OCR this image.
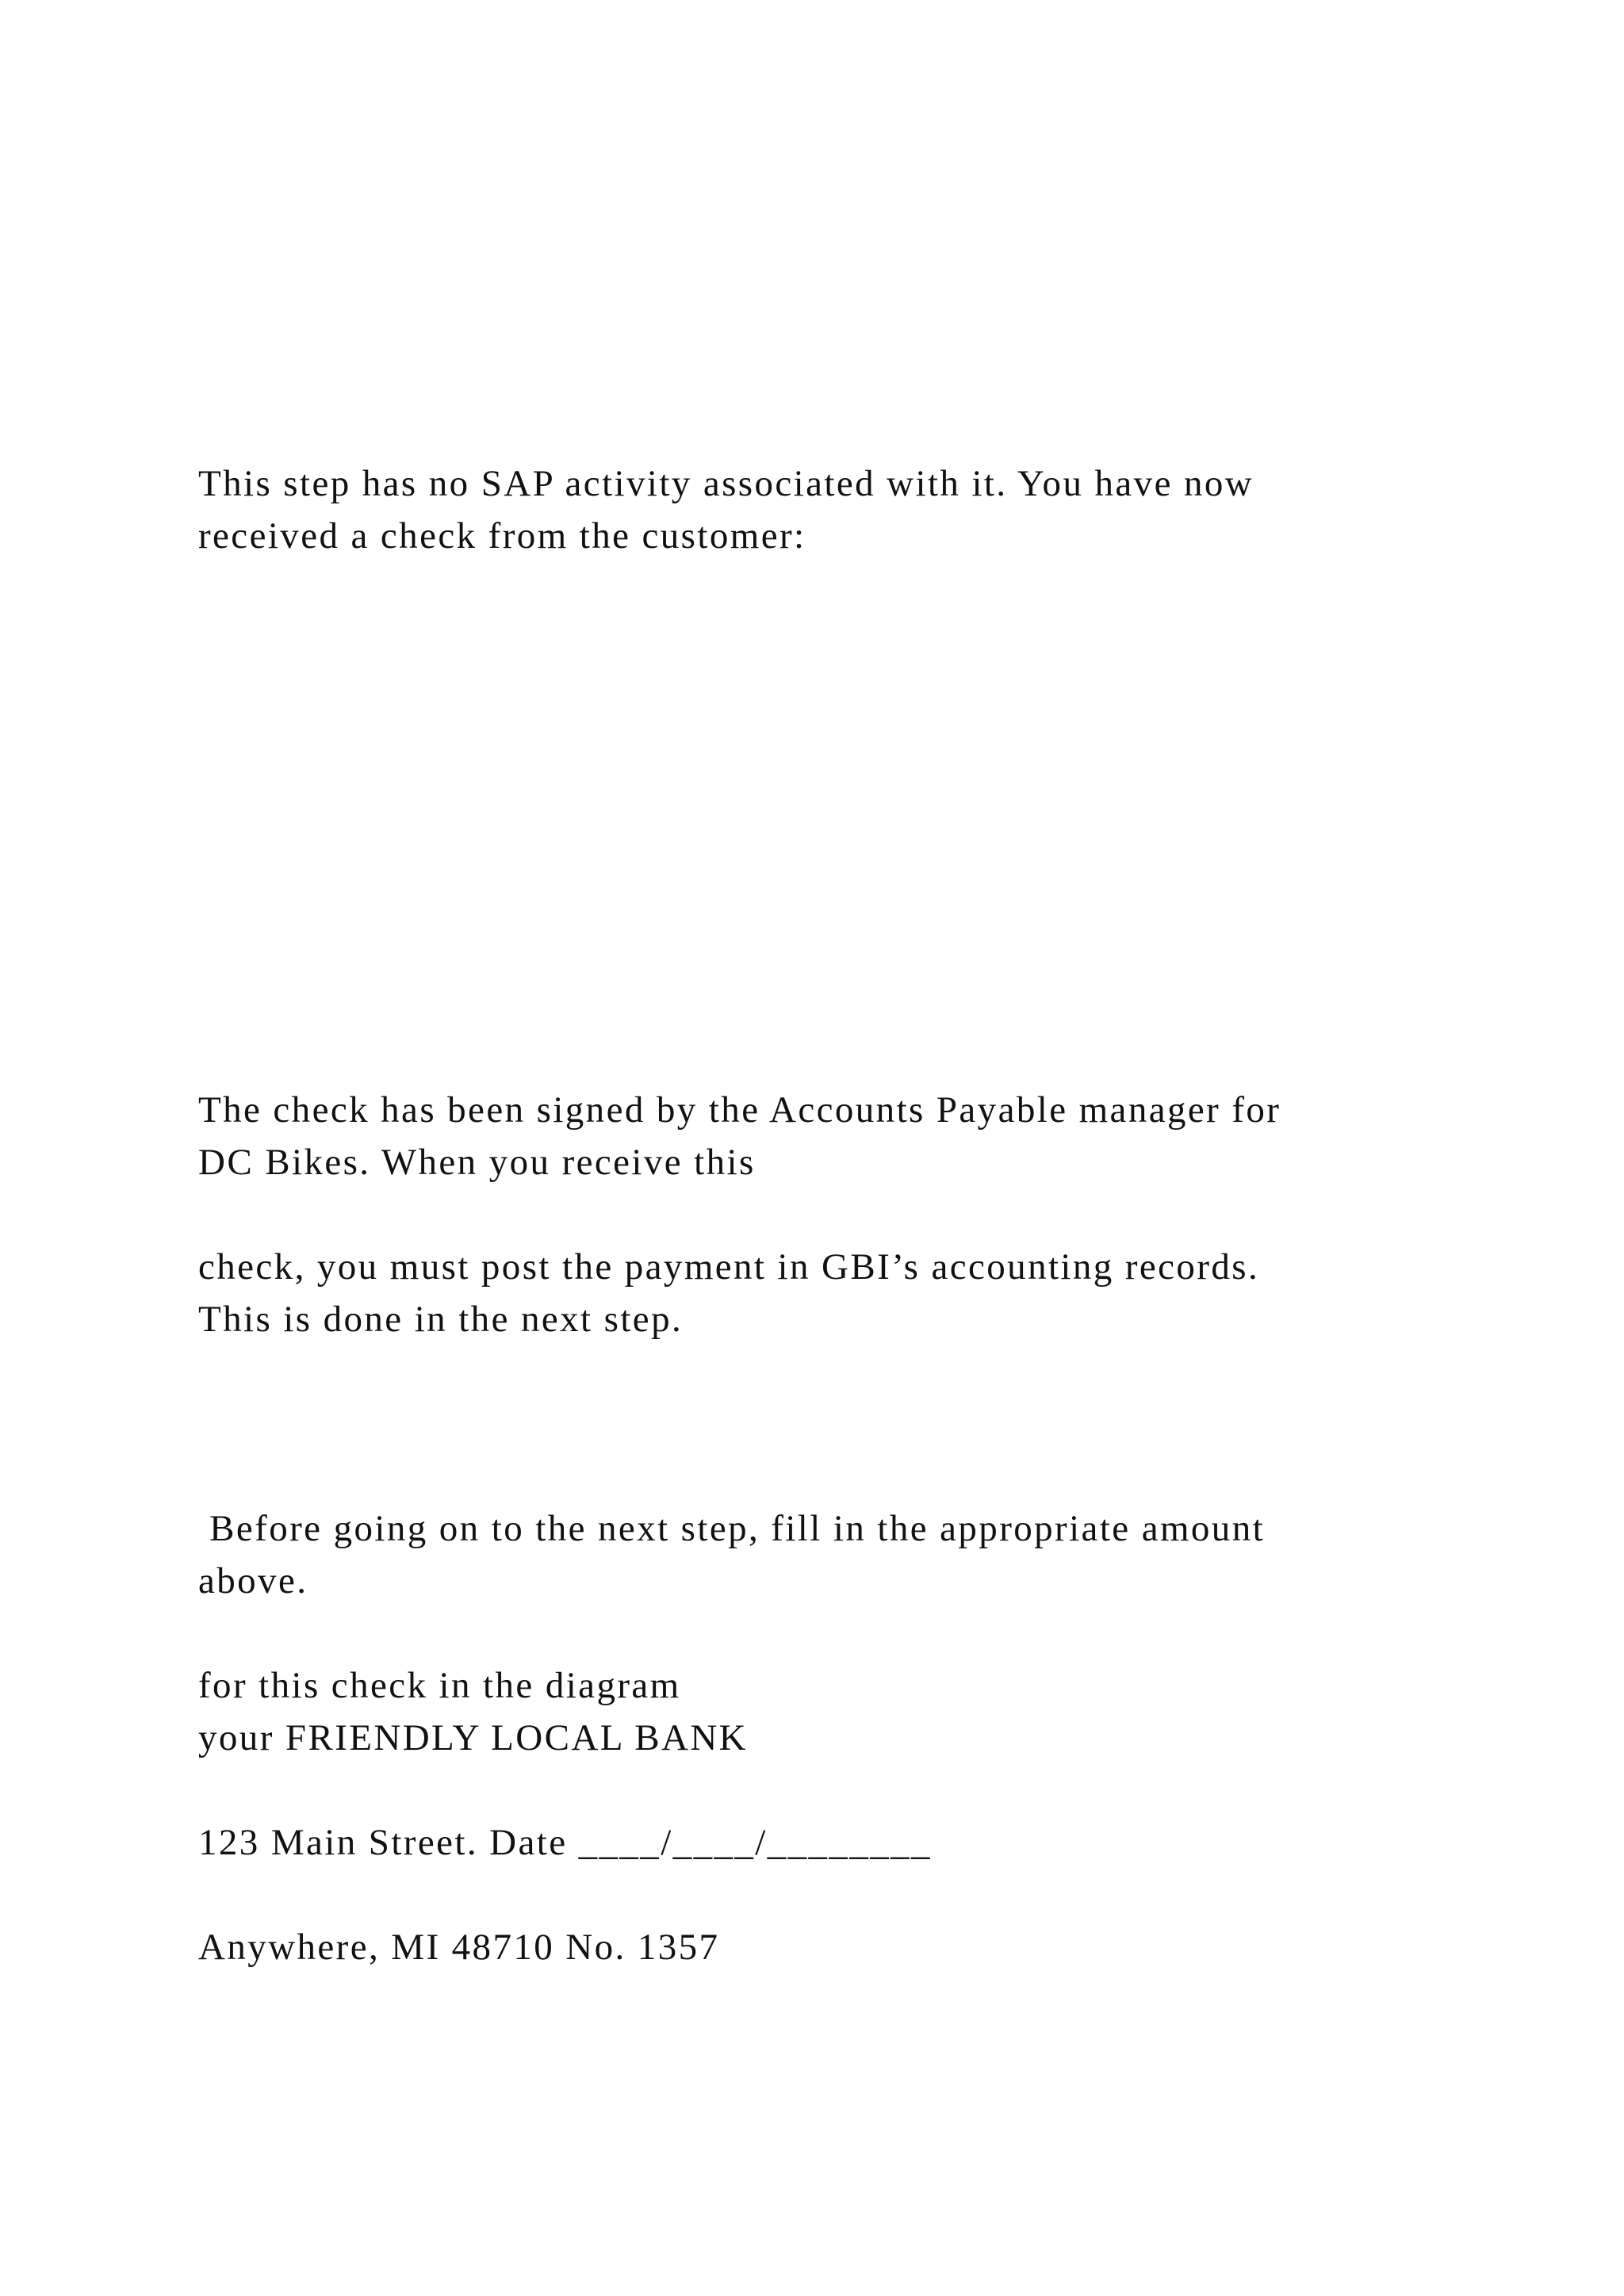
This step has no SAP activity associated with it. You have now
received a check from the customer:

The check has been signed by the Accounts Payable manager for
DC Bikes. When you receive this

check, you must post the payment in GBI’s accounting records.
This is done in the next step.

Before going on to the next step, fill in the appropriate amount

for this check in the diagram

above.

your FRIENDLY LOCAL BANK

123 Main Street. Date ____/____/________

Anywhere, MI 48710 No. 1357
